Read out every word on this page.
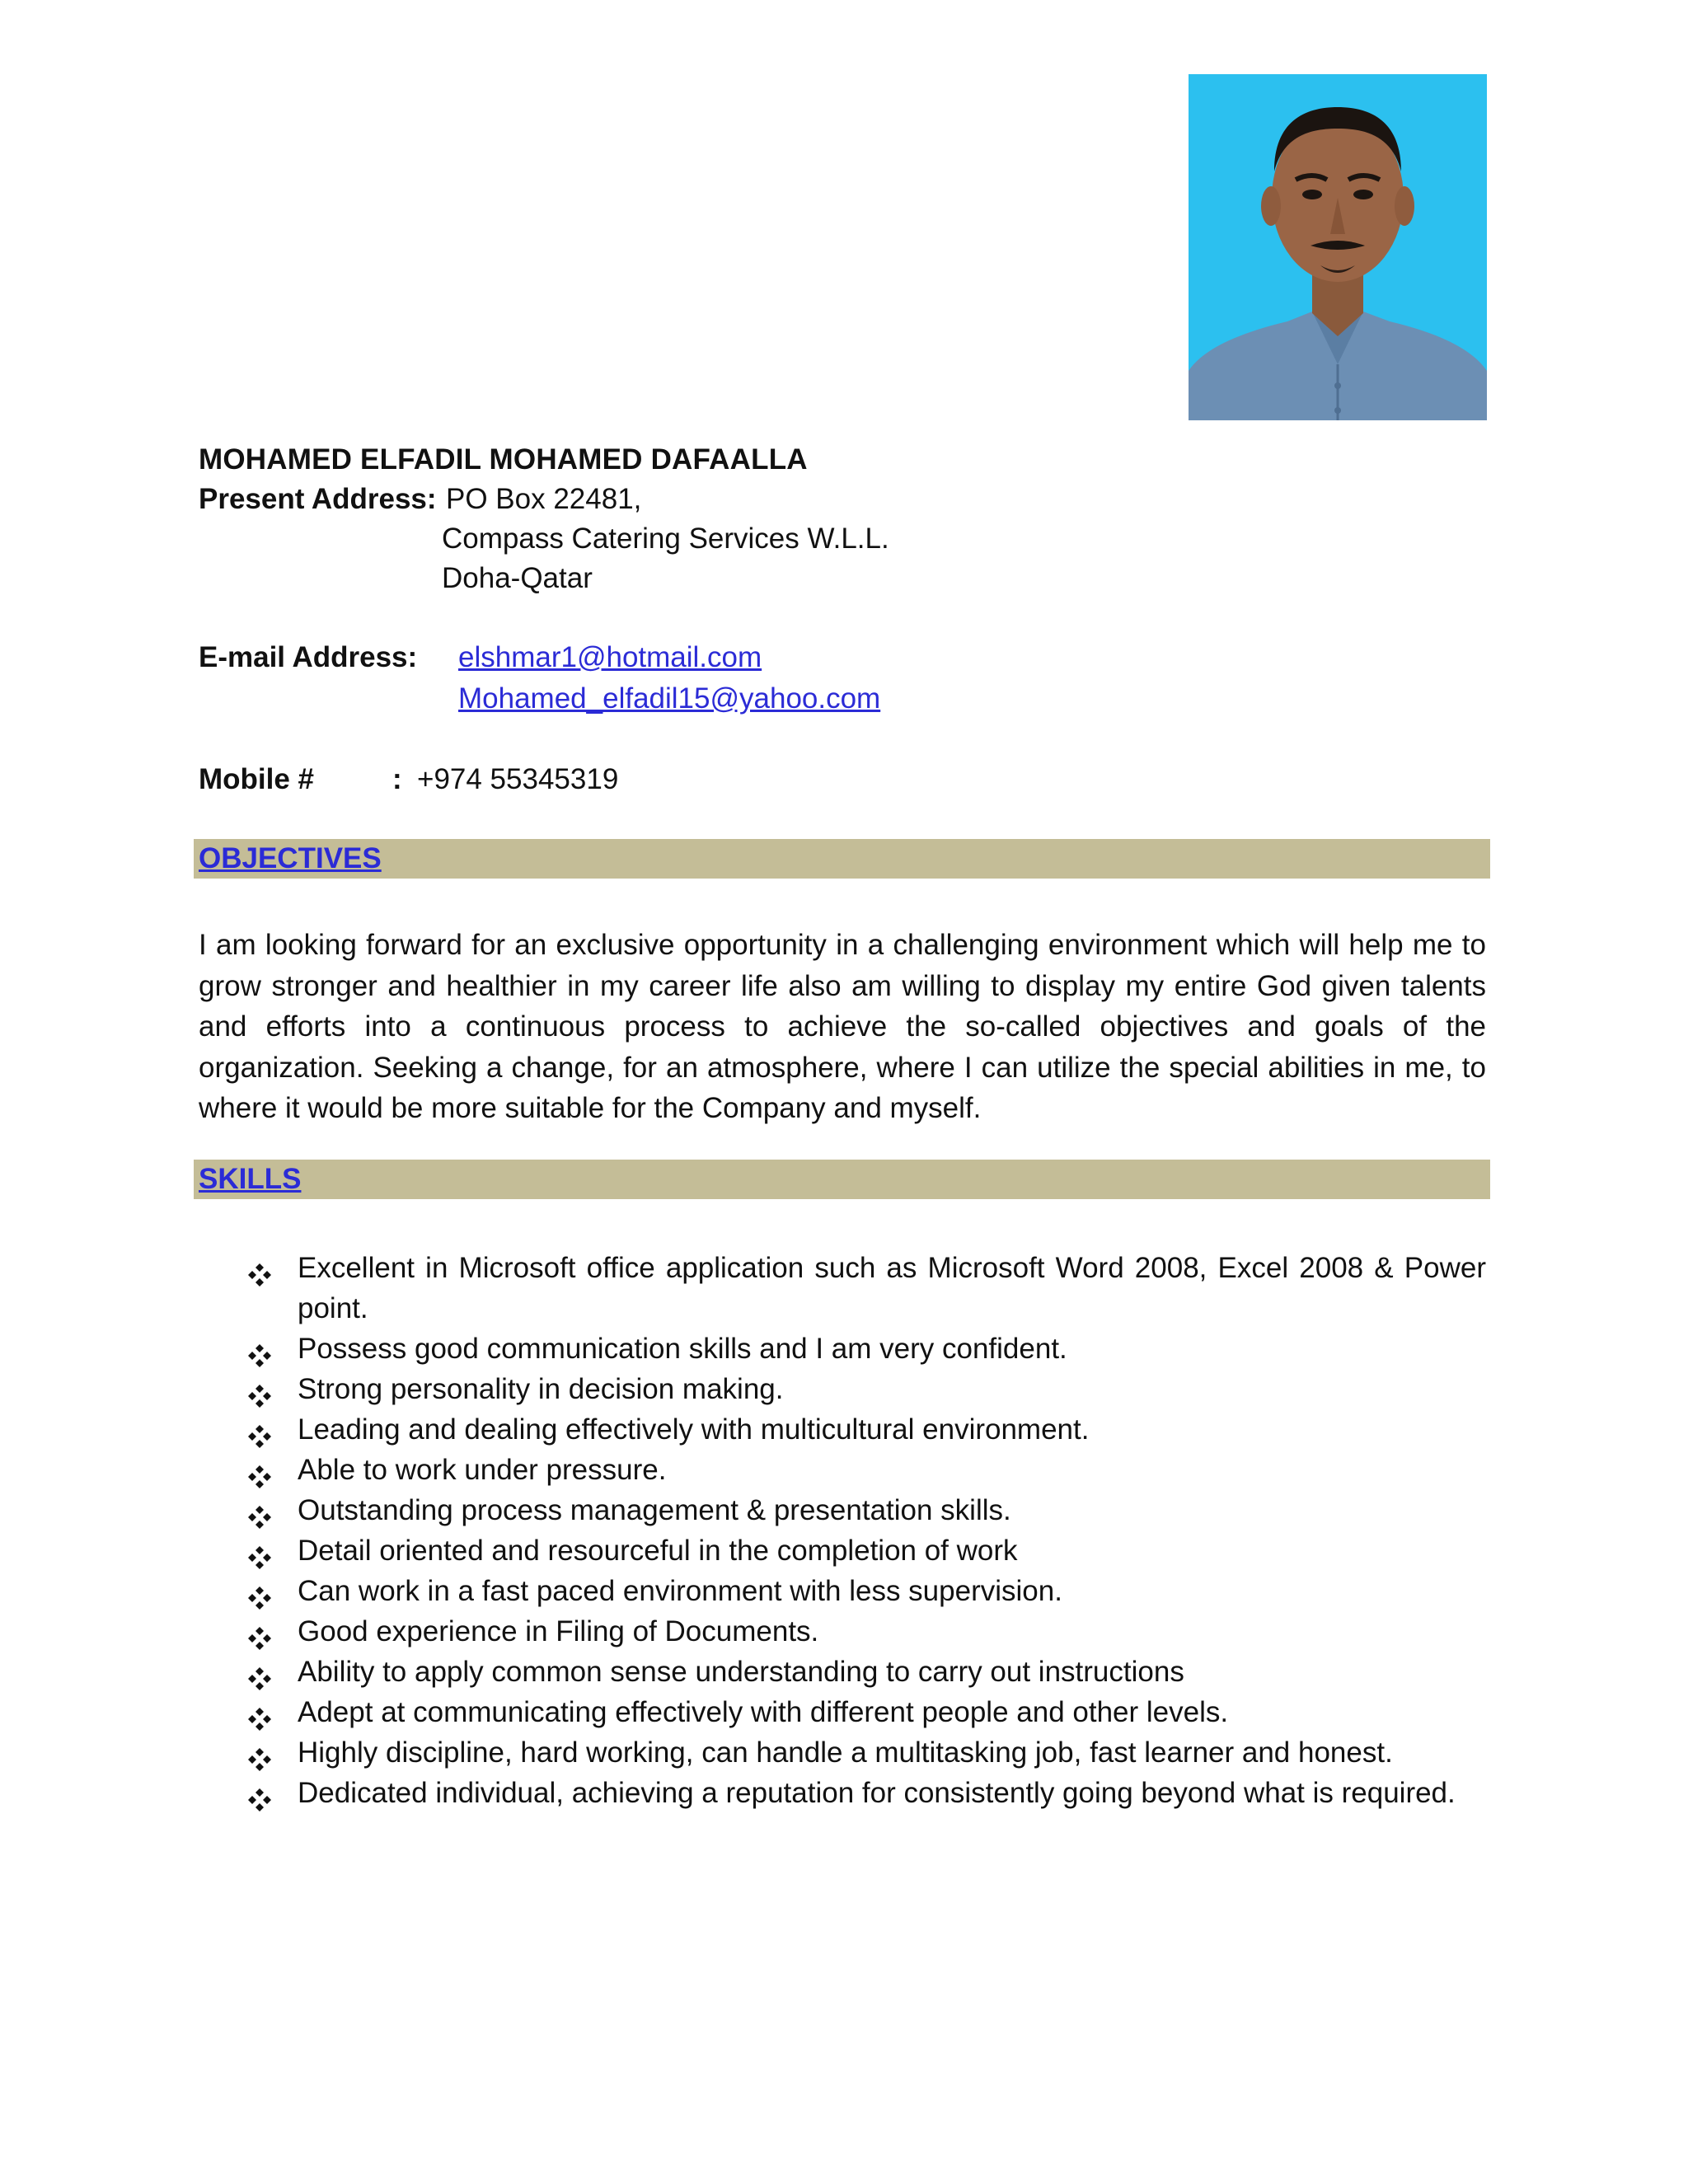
MOHAMED ELFADIL MOHAMED DAFAALLA
Present Address: PO Box 22481,
Compass Catering Services W.L.L.
Doha-Qatar
E-mail Address: elshmar1@hotmail.com
Mohamed_elfadil15@yahoo.com
Mobile #	: +974 55345319
OBJECTIVES
I am looking forward for an exclusive opportunity in a challenging environment which will help me to grow stronger and healthier in my career life also am willing to display my entire God given talents and efforts into a continuous process to achieve the so-called objectives and goals of the organization. Seeking a change, for an atmosphere, where I can utilize the special abilities in me, to where it would be more suitable for the Company and myself.
SKILLS
Excellent in Microsoft office application such as Microsoft Word 2008, Excel 2008 & Power point.
Possess good communication skills and I am very confident.
Strong personality in decision making.
Leading and dealing effectively with multicultural environment.
Able to work under pressure.
Outstanding process management & presentation skills.
Detail oriented and resourceful in the completion of work
Can work in a fast paced environment with less supervision.
Good experience in Filing of Documents.
Ability to apply common sense understanding to carry out instructions
Adept at communicating effectively with different people and other levels.
Highly discipline, hard working, can handle a multitasking job, fast learner and honest.
Dedicated individual, achieving a reputation for consistently going beyond what is required.
